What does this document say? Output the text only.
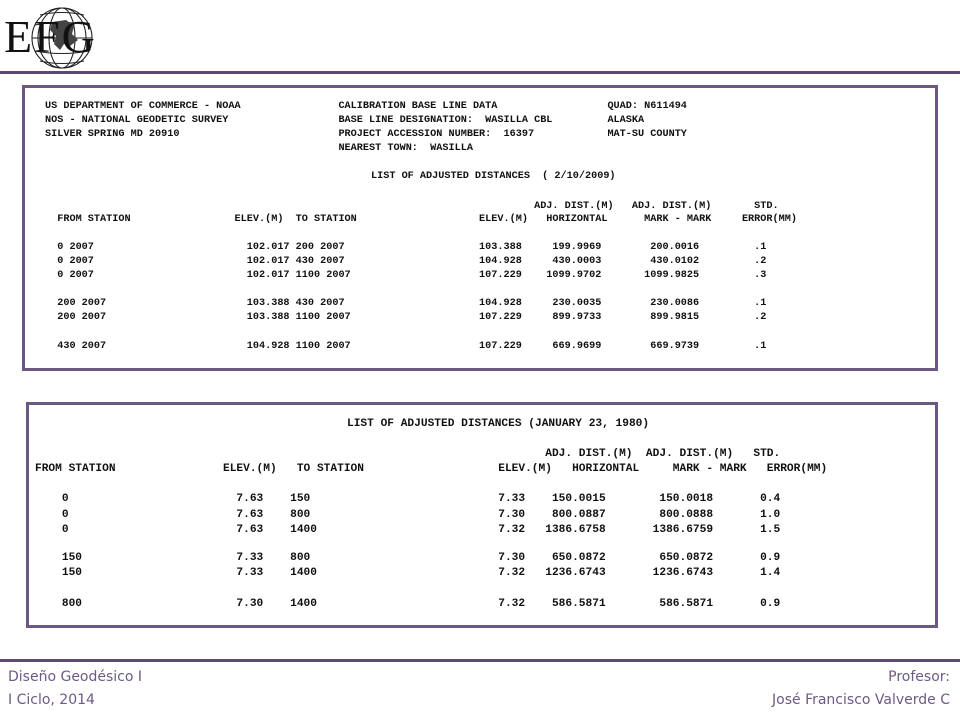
EFG
US DEPARTMENT OF COMMERCE - NOAA                CALIBRATION BASE LINE DATA                  QUAD: N611494
NOS - NATIONAL GEODETIC SURVEY                  BASE LINE DESIGNATION:  WASILLA CBL         ALASKA
SILVER SPRING MD 20910                          PROJECT ACCESSION NUMBER:  16397            MAT-SU COUNTY
NEAREST TOWN:  WASILLA
LIST OF ADJUSTED DISTANCES  ( 2/10/2009)
ADJ. DIST.(M)   ADJ. DIST.(M)       STD.
FROM STATION                 ELEV.(M)  TO STATION                    ELEV.(M)   HORIZONTAL      MARK - MARK     ERROR(MM)
0 2007                         102.017 200 2007                      103.388     199.9969        200.0016         .1
0 2007                         102.017 430 2007                      104.928     430.0003        430.0102         .2
0 2007                         102.017 1100 2007                     107.229    1099.9702       1099.9825         .3
200 2007                       103.388 430 2007                      104.928     230.0035        230.0086         .1
200 2007                       103.388 1100 2007                     107.229     899.9733        899.9815         .2
430 2007                       104.928 1100 2007                     107.229     669.9699        669.9739         .1
LIST OF ADJUSTED DISTANCES (JANUARY 23, 1980)
ADJ. DIST.(M)  ADJ. DIST.(M)   STD.
FROM STATION                ELEV.(M)   TO STATION                    ELEV.(M)   HORIZONTAL     MARK - MARK   ERROR(MM)
0                         7.63    150                            7.33    150.0015        150.0018       0.4
0                         7.63    800                            7.30    800.0887        800.0888       1.0
0                         7.63    1400                           7.32   1386.6758       1386.6759       1.5
150                       7.33    800                            7.30    650.0872        650.0872       0.9
150                       7.33    1400                           7.32   1236.6743       1236.6743       1.4
800                       7.30    1400                           7.32    586.5871        586.5871       0.9
Diseño Geodésico I
I Ciclo, 2014
Profesor:
José Francisco Valverde C
